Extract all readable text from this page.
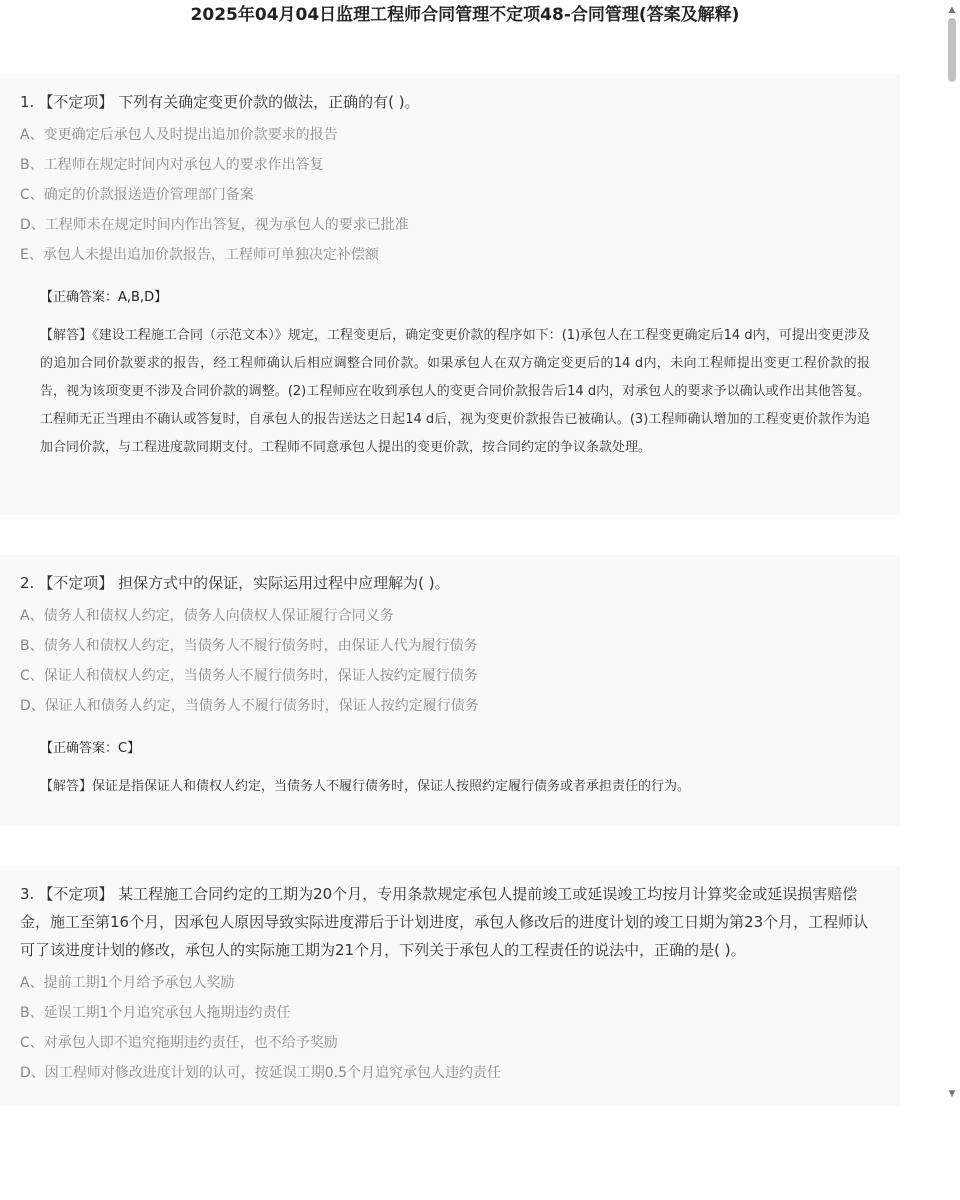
2025年04月04日监理工程师合同管理不定项48-合同管理(答案及解释)
1. 【不定项】 下列有关确定变更价款的做法，正确的有( )。
A、变更确定后承包人及时提出追加价款要求的报告
B、工程师在规定时间内对承包人的要求作出答复
C、确定的价款报送造价管理部门备案
D、工程师未在规定时间内作出答复，视为承包人的要求已批准
E、承包人未提出追加价款报告，工程师可单独决定补偿额
【正确答案：A,B,D】
【解答】《建设工程施工合同（示范文本）》规定，工程变更后，确定变更价款的程序如下：(1)承包人在工程变更确定后14 d内，可提出变更涉及的追加合同价款要求的报告，经工程师确认后相应调整合同价款。如果承包人在双方确定变更后的14 d内，未向工程师提出变更工程价款的报告，视为该项变更不涉及合同价款的调整。(2)工程师应在收到承包人的变更合同价款报告后14 d内，对承包人的要求予以确认或作出其他答复。工程师无正当理由不确认或答复时，自承包人的报告送达之日起14 d后，视为变更价款报告已被确认。(3)工程师确认增加的工程变更价款作为追加合同价款，与工程进度款同期支付。工程师不同意承包人提出的变更价款，按合同约定的争议条款处理。
2. 【不定项】 担保方式中的保证，实际运用过程中应理解为( )。
A、债务人和债权人约定，债务人向债权人保证履行合同义务
B、债务人和债权人约定，当债务人不履行债务时，由保证人代为履行债务
C、保证人和债权人约定，当债务人不履行债务时，保证人按约定履行债务
D、保证人和债务人约定，当债务人不履行债务时，保证人按约定履行债务
【正确答案：C】
【解答】保证是指保证人和债权人约定，当债务人不履行债务时，保证人按照约定履行债务或者承担责任的行为。
3. 【不定项】 某工程施工合同约定的工期为20个月，专用条款规定承包人提前竣工或延误竣工均按月计算奖金或延误损害赔偿金，施工至第16个月，因承包人原因导致实际进度滞后于计划进度，承包人修改后的进度计划的竣工日期为第23个月，工程师认可了该进度计划的修改，承包人的实际施工期为21个月，下列关于承包人的工程责任的说法中，正确的是( )。
A、提前工期1个月给予承包人奖励
B、延误工期1个月追究承包人拖期违约责任
C、对承包人即不追究拖期违约责任，也不给予奖励
D、因工程师对修改进度计划的认可，按延误工期0.5个月追究承包人违约责任
▲
▼
